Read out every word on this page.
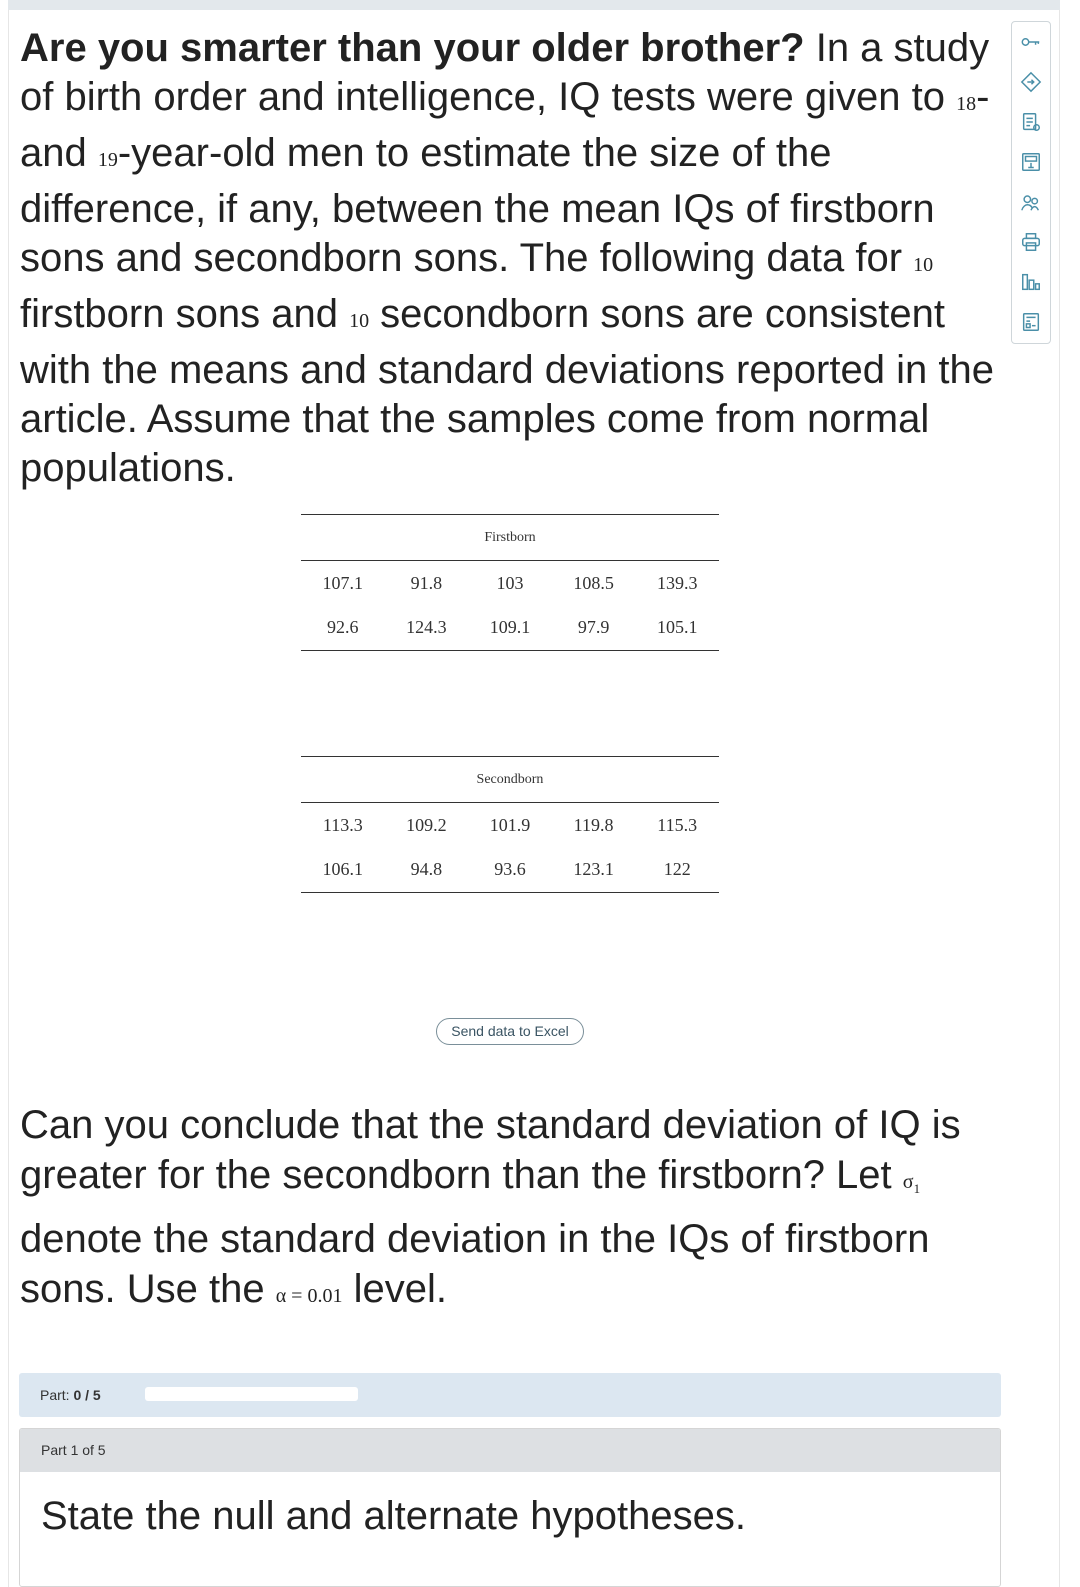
Are you smarter than your older brother? In a study of birth order and intelligence, IQ tests were given to 18- and 19-year-old men to estimate the size of the difference, if any, between the mean IQs of firstborn sons and secondborn sons. The following data for 10 firstborn sons and 10 secondborn sons are consistent with the means and standard deviations reported in the article. Assume that the samples come from normal populations.
Firstborn				
107.1	91.8	103	108.5	139.3
92.6	124.3	109.1	97.9	105.1
Secondborn				
113.3	109.2	101.9	119.8	115.3
106.1	94.8	93.6	123.1	122
Send data to Excel
Can you conclude that the standard deviation of IQ is greater for the secondborn than the firstborn? Let $\sigma_1$ denote the standard deviation in the IQs of firstborn sons. Use the α = 0.01 level.
Part: 0 / 5
Part 1 of 5
State the null and alternate hypotheses.
